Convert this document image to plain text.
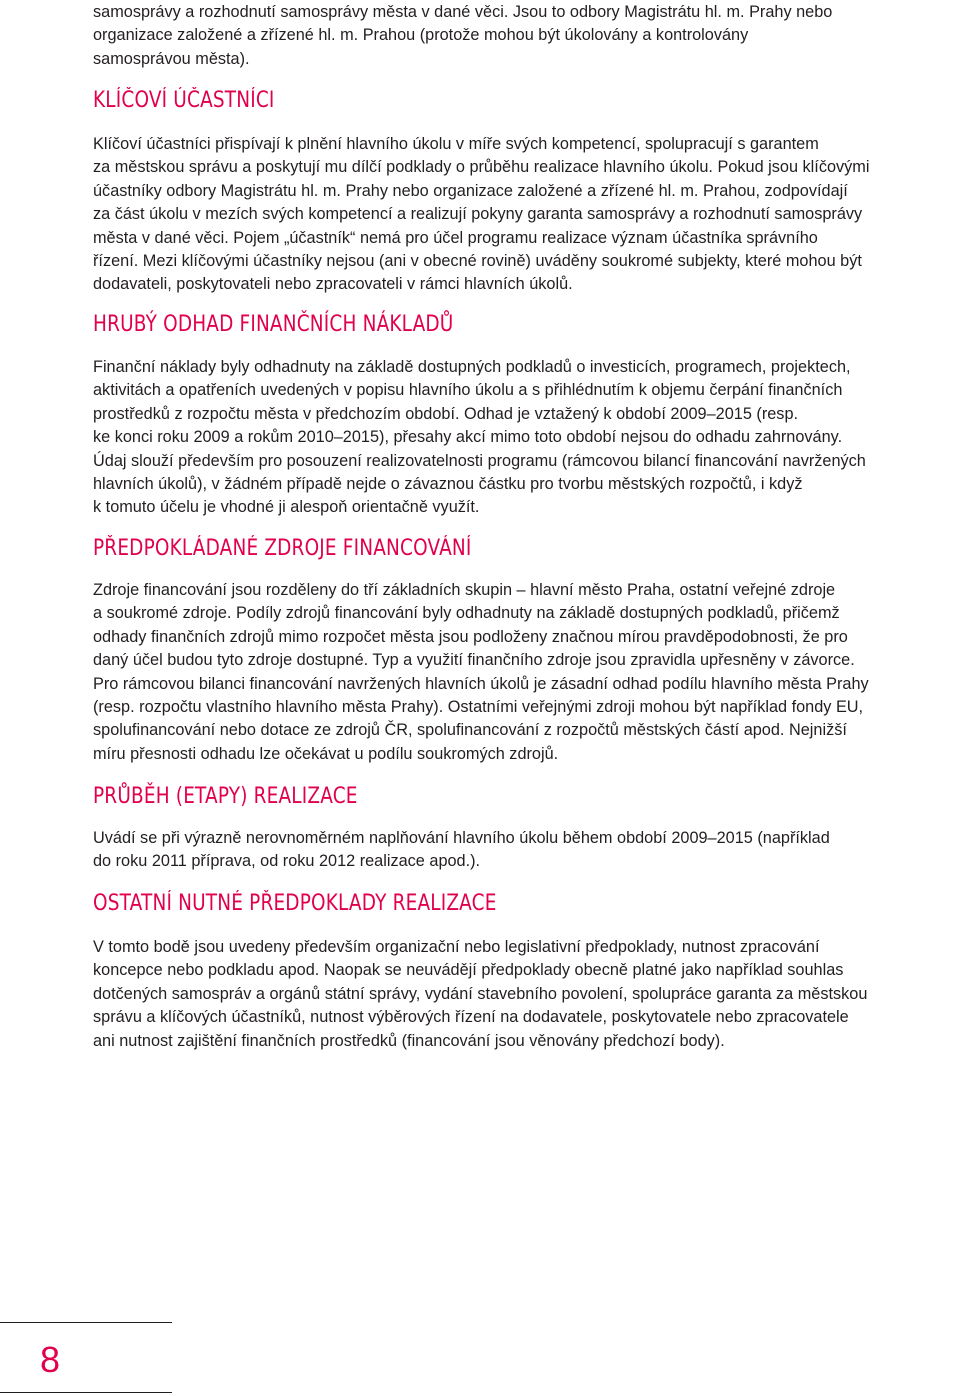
samosprávy a rozhodnutí samosprávy města v dané věci. Jsou to odbory Magistrátu hl. m. Prahy nebo
organizace založené a zřízené hl. m. Prahou (protože mohou být úkolovány a kontrolovány
samosprávou města).

KLÍČOVÍ ÚČASTNÍCI

Klíčoví účastníci přispívají k plnění hlavního úkolu v míře svých kompetencí, spolupracují s garantem
za městskou správu a poskytují mu dílčí podklady o průběhu realizace hlavního úkolu. Pokud jsou klíčovými
účastníky odbory Magistrátu hl. m. Prahy nebo organizace založené a zřízené hl. m. Prahou, zodpovídají
za část úkolu v mezích svých kompetencí a realizují pokyny garanta samosprávy a rozhodnutí samosprávy
města v dané věci. Pojem „účastník“ nemá pro účel programu realizace význam účastníka správního
řízení. Mezi klíčovými účastníky nejsou (ani v obecné rovině) uváděny soukromé subjekty, které mohou být
dodavateli, poskytovateli nebo zpracovateli v rámci hlavních úkolů.

HRUBÝ ODHAD FINANČNÍCH NÁKLADŮ

Finanční náklady byly odhadnuty na základě dostupných podkladů o investicích, programech, projektech,
aktivitách a opatřeních uvedených v popisu hlavního úkolu a s přihlédnutím k objemu čerpání finančních
prostředků z rozpočtu města v předchozím období. Odhad je vztažený k období 2009–2015 (resp.
ke konci roku 2009 a rokům 2010–2015), přesahy akcí mimo toto období nejsou do odhadu zahrnovány.
Údaj slouží především pro posouzení realizovatelnosti programu (rámcovou bilancí financování navržených
hlavních úkolů), v žádném případě nejde o závaznou částku pro tvorbu městských rozpočtů, i když
k tomuto účelu je vhodné ji alespoň orientačně využít.

PŘEDPOKLÁDANÉ ZDROJE FINANCOVÁNÍ

Zdroje financování jsou rozděleny do tří základních skupin – hlavní město Praha, ostatní veřejné zdroje
a soukromé zdroje. Podíly zdrojů financování byly odhadnuty na základě dostupných podkladů, přičemž
odhady finančních zdrojů mimo rozpočet města jsou podloženy značnou mírou pravděpodobnosti, že pro
daný účel budou tyto zdroje dostupné. Typ a využití finančního zdroje jsou zpravidla upřesněny v závorce.
Pro rámcovou bilanci financování navržených hlavních úkolů je zásadní odhad podílu hlavního města Prahy
(resp. rozpočtu vlastního hlavního města Prahy). Ostatními veřejnými zdroji mohou být například fondy EU,
spolufinancování nebo dotace ze zdrojů ČR, spolufinancování z rozpočtů městských částí apod. Nejnižší
míru přesnosti odhadu lze očekávat u podílu soukromých zdrojů.

PRŮBĚH (ETAPY) REALIZACE

Uvádí se při výrazně nerovnoměrném naplňování hlavního úkolu během období 2009–2015 (například
do roku 2011 příprava, od roku 2012 realizace apod.).

OSTATNÍ NUTNÉ PŘEDPOKLADY REALIZACE

V tomto bodě jsou uvedeny především organizační nebo legislativní předpoklady, nutnost zpracování
koncepce nebo podkladu apod. Naopak se neuvádějí předpoklady obecně platné jako například souhlas
dotčených samospráv a orgánů státní správy, vydání stavebního povolení, spolupráce garanta za městskou
správu a klíčových účastníků, nutnost výběrových řízení na dodavatele, poskytovatele nebo zpracovatele
ani nutnost zajištění finančních prostředků (financování jsou věnovány předchozí body).

8
